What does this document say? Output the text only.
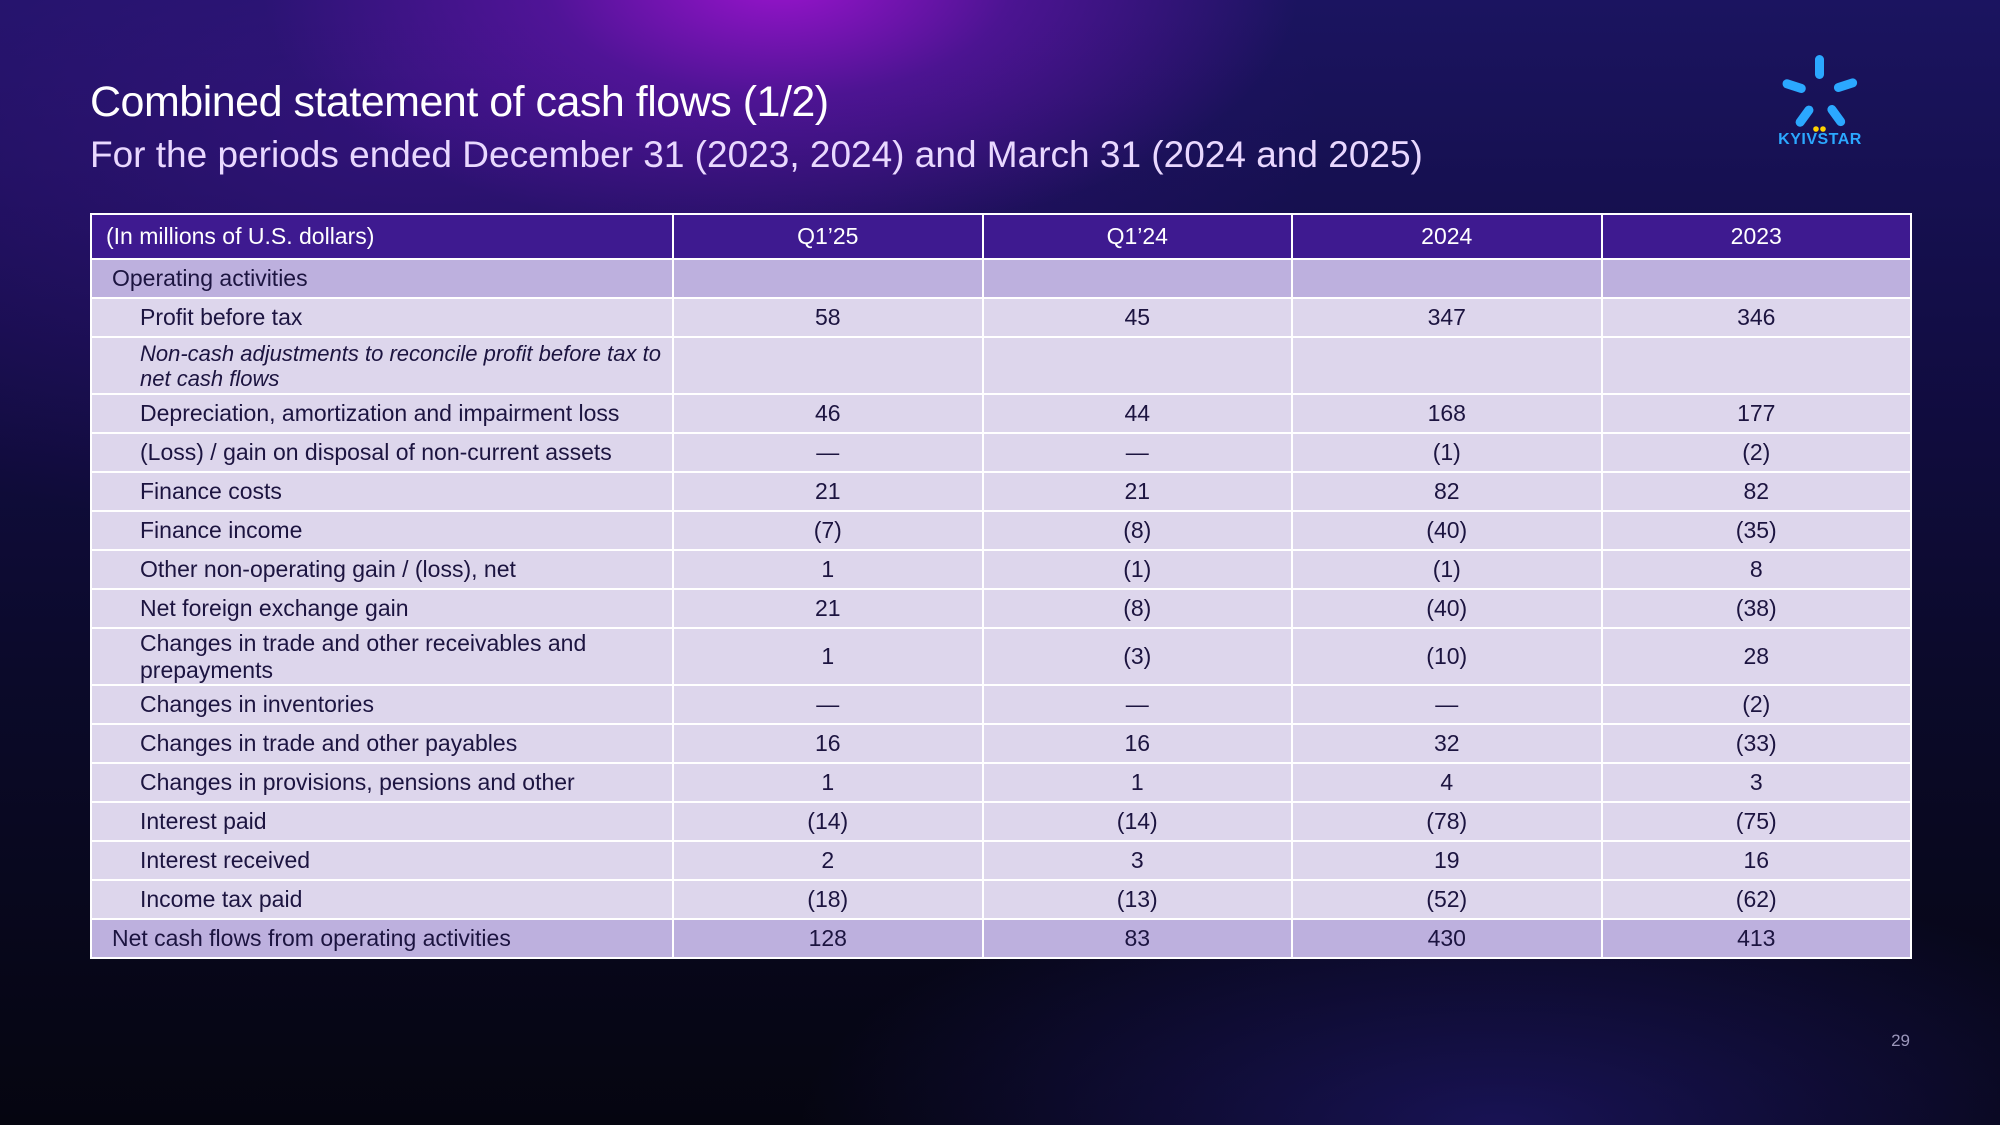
Combined statement of cash flows (1/2)
For the periods ended December 31 (2023, 2024) and March 31 (2024 and 2025)	KYIVSTAR
(In millions of U.S. dollars)	Q1’25	Q1’24	2024	2023
Operating activities				
Profit before tax	58	45	347	346
Non-cash adjustments to reconcile profit before tax to net cash flows				
Depreciation, amortization and impairment loss	46	44	168	177
(Loss) / gain on disposal of non-current assets	—	—	(1)	(2)
Finance costs	21	21	82	82
Finance income	(7)	(8)	(40)	(35)
Other non-operating gain / (loss), net	1	(1)	(1)	8
Net foreign exchange gain	21	(8)	(40)	(38)
Changes in trade and other receivables and prepayments	1	(3)	(10)	28
Changes in inventories	—	—	—	(2)
Changes in trade and other payables	16	16	32	(33)
Changes in provisions, pensions and other	1	1	4	3
Interest paid	(14)	(14)	(78)	(75)
Interest received	2	3	19	16
Income tax paid	(18)	(13)	(52)	(62)
Net cash flows from operating activities	128	83	430	413
29
